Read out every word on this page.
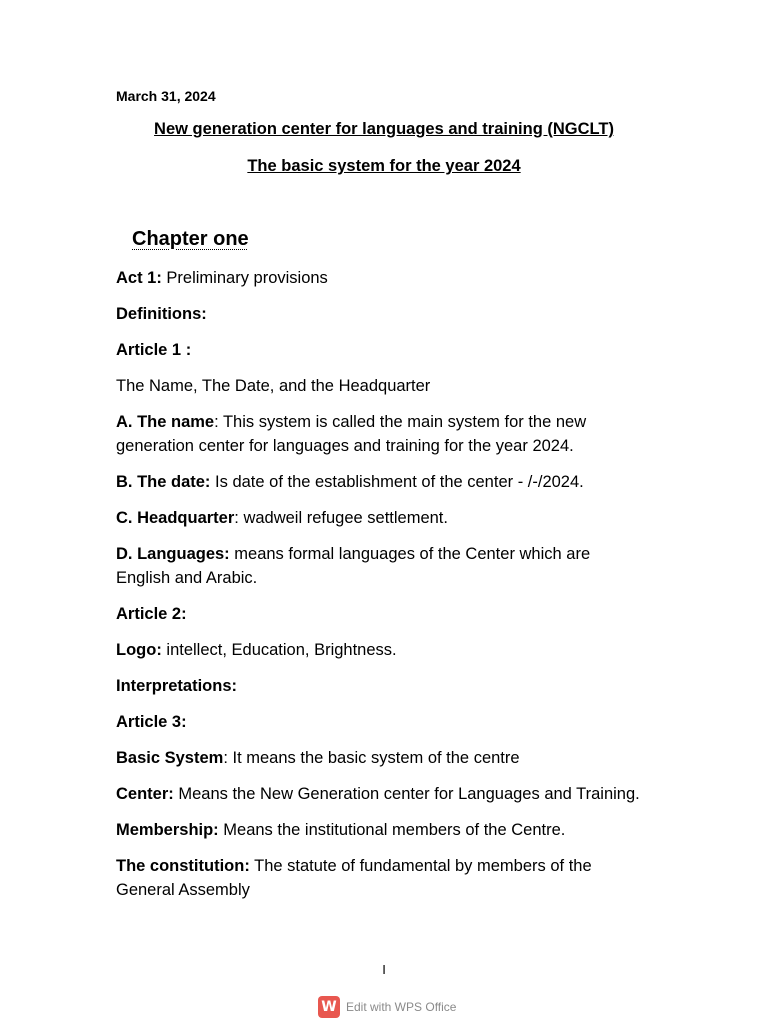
March 31, 2024
New generation center for languages and training (NGCLT)
The basic system for the year 2024
Chapter one

Act 1: Preliminary provisions

Definitions:

Article 1 :

The Name, The Date, and the Headquarter

A. The name: This system is called the main system for the new generation center for languages and training for the year 2024.

B. The date: Is date of the establishment of the center - /-/2024.

C. Headquarter: wadweil refugee settlement.

D. Languages: means formal languages of the Center which are English and Arabic.

Article 2:

Logo: intellect, Education, Brightness.

Interpretations:

Article 3:

Basic System: It means the basic system of the centre

Center: Means the New Generation center for Languages and Training.

Membership: Means the institutional members of the Centre.

The constitution: The statute of fundamental by members of the General Assembly

I
W Edit with WPS Office
